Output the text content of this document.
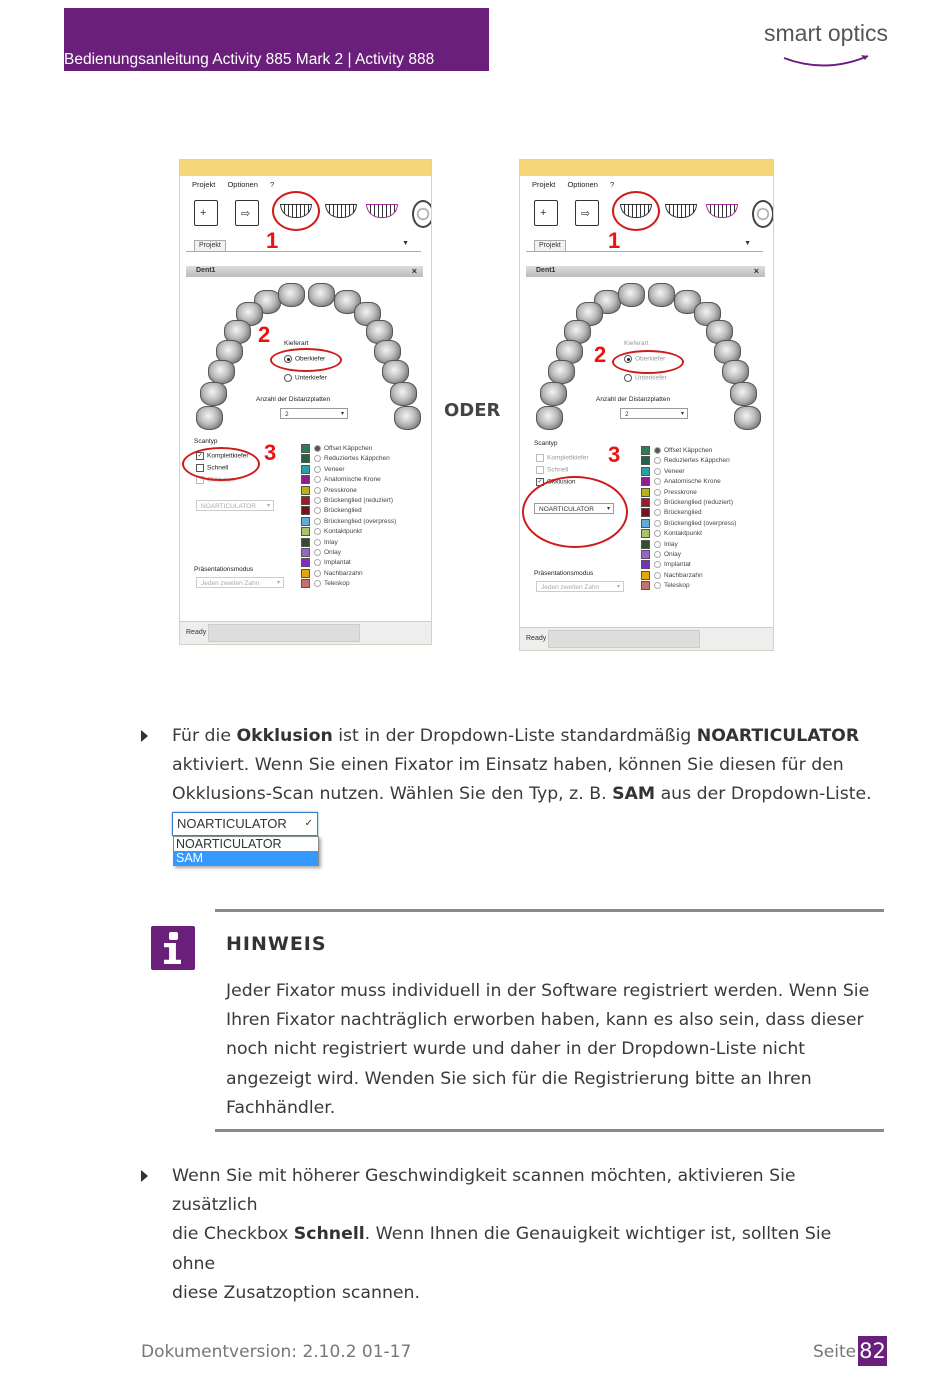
Bedienungsanleitung Activity 885 Mark 2 | Activity 888
smart optics
Projekt Optionen ?
+	⇨
1
Projekt	▼
Dent1	×
2 Kieferart
Oberkiefer
Unterkiefer
Anzahl der Distanzplatten
2	▾
Scantyp
✓ Komplettkiefer
Schnell
Okklusion
3
NOARTICULATOR ▾
Präsentationsmodus
Jeden zweiten Zahn	▾
Ready
Offset Käppchen
Reduziertes Käppchen
Veneer
Anatomische Krone
Presskrone
Brückenglied (reduziert)
Brückenglied
Brückenglied (overpress)
Kontaktpunkt
Inlay
Onlay
Implantat
Nachbarzahn
Teleskop
ODER
Projekt Optionen ?
+	⇨
1
Projekt	▼
Dent1	×
2	Kieferart
Oberkiefer
Unterkiefer
Anzahl der Distanzplatten
2	▾
Scantyp
Komplettkiefer
Schnell
✓ Okklusion
3
NOARTICULATOR ▾
Präsentationsmodus
Jeden zweiten Zahn	▾
Ready
Offset Käppchen
Reduziertes Käppchen
Veneer
Anatomische Krone
Presskrone
Brückenglied (reduziert)
Brückenglied
Brückenglied (overpress)
Kontaktpunkt
Inlay
Onlay
Implantat
Nachbarzahn
Teleskop
Für die Okklusion ist in der Dropdown-Liste standardmäßig NOARTICULATOR
aktiviert. Wenn Sie einen Fixator im Einsatz haben, können Sie diesen für den
Okklusions-Scan nutzen. Wählen Sie den Typ, z. B. SAM aus der Dropdown-Liste.
NOARTICULATOR ✓
NOARTICULATOR
SAM
HINWEIS
Jeder Fixator muss individuell in der Software registriert werden. Wenn Sie
Ihren Fixator nachträglich erworben haben, kann es also sein, dass dieser
noch nicht registriert wurde und daher in der Dropdown-Liste nicht
angezeigt wird. Wenden Sie sich für die Registrierung bitte an Ihren
Fachhändler.
Wenn Sie mit höherer Geschwindigkeit scannen möchten, aktivieren Sie zusätzlich
die Checkbox Schnell. Wenn Ihnen die Genauigkeit wichtiger ist, sollten Sie ohne
diese Zusatzoption scannen.
Dokumentversion: 2.10.2 01-17	Seite 82
